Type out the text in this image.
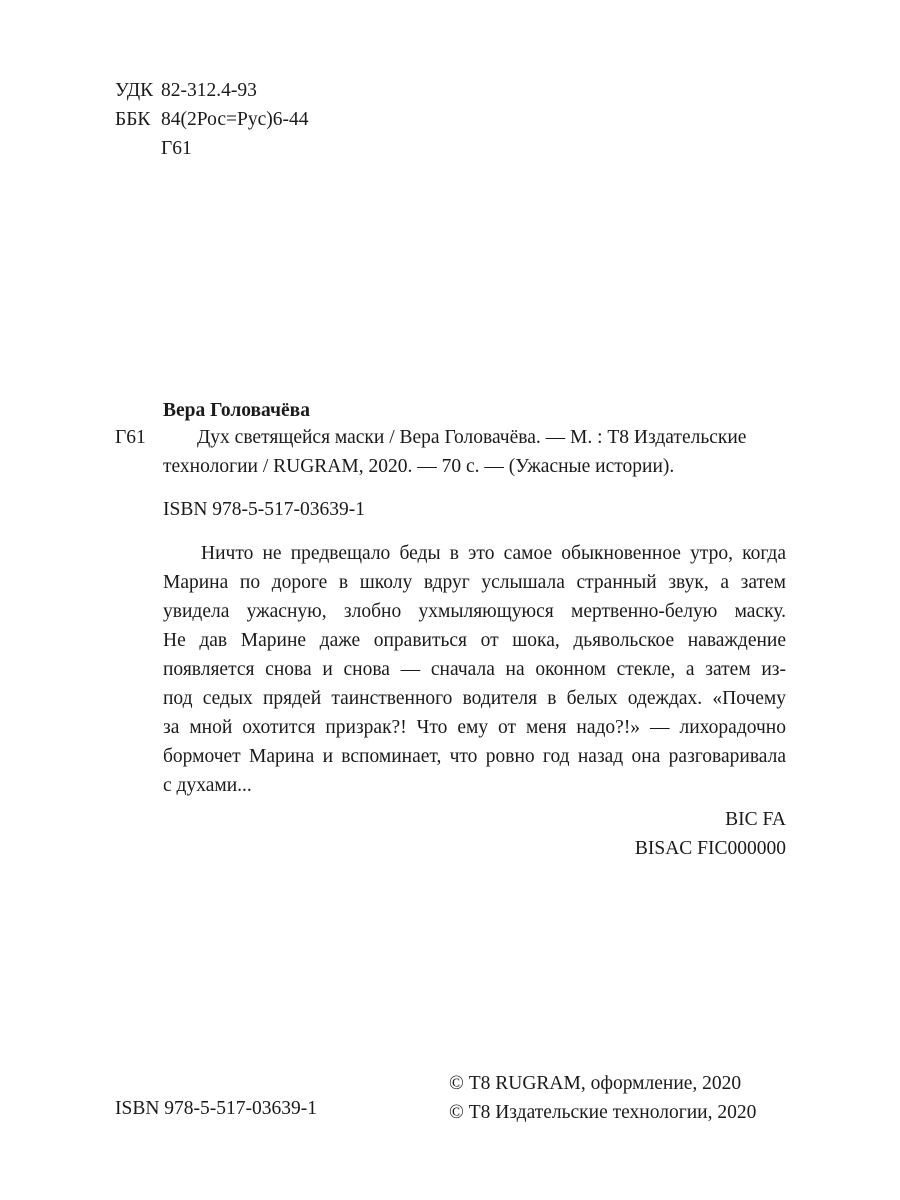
УДК 82-312.4-93
ББК 84(2Рос=Рус)6-44
Г61
Вера Головачёва
Г61	Дух светящейся маски / Вера Головачёва. — М. : Т8 Издательские
технологии / RUGRAM, 2020. — 70 с. — (Ужасные истории).
ISBN 978-5-517-03639-1
Ничто не предвещало беды в это самое обыкновенное утро, когда
Марина по дороге в школу вдруг услышала странный звук, а затем
увидела ужасную, злобно ухмыляющуюся мертвенно-белую маску.
Не дав Марине даже оправиться от шока, дьявольское наваждение
появляется снова и снова — сначала на оконном стекле, а затем из-
под седых прядей таинственного водителя в белых одеждах. «Почему
за мной охотится призрак?! Что ему от меня надо?!» — лихорадочно
бормочет Марина и вспоминает, что ровно год назад она разговаривала
с духами...
BIC FA
BISAC FIC000000
© Т8 RUGRAM, оформление, 2020
© Т8 Издательские технологии, 2020
ISBN 978-5-517-03639-1
